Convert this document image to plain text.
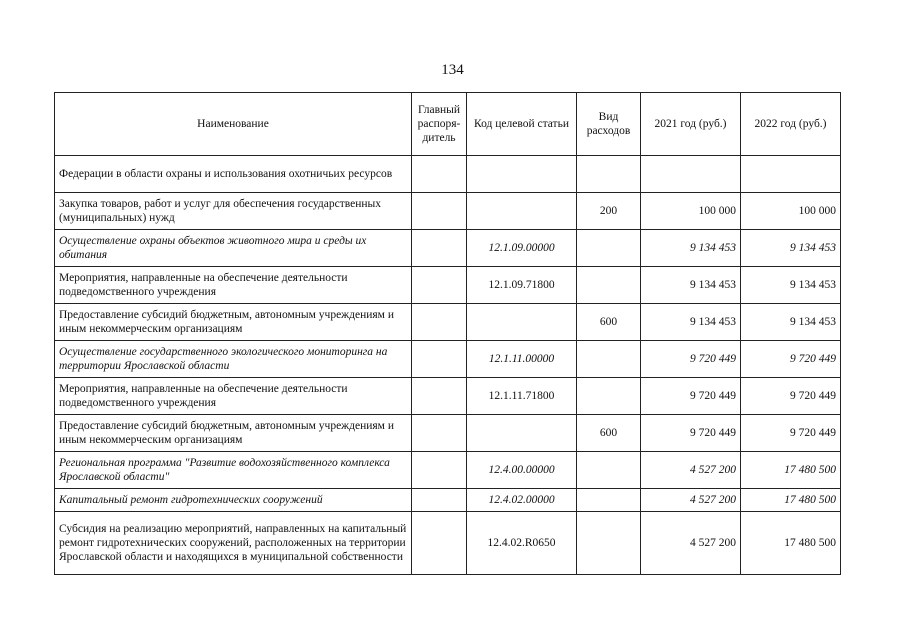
134
Наименование	Главный распоря- дитель	Код целевой статьи	Вид расходов	2021 год (руб.)	2022 год (руб.)
Федерации в области охраны и использования охотничьих ресурсов					
Закупка товаров, работ и услуг для обеспечения государственных (муниципальных) нужд			200	100 000	100 000
Осуществление охраны объектов животного мира и среды их обитания		12.1.09.00000		9 134 453	9 134 453
Мероприятия, направленные на обеспечение деятельности подведомственного учреждения		12.1.09.71800		9 134 453	9 134 453
Предоставление субсидий бюджетным, автономным учреждениям и иным некоммерческим организациям			600	9 134 453	9 134 453
Осуществление государственного экологического мониторинга на территории Ярославской области		12.1.11.00000		9 720 449	9 720 449
Мероприятия, направленные на обеспечение деятельности подведомственного учреждения		12.1.11.71800		9 720 449	9 720 449
Предоставление субсидий бюджетным, автономным учреждениям и иным некоммерческим организациям			600	9 720 449	9 720 449
Региональная программа "Развитие водохозяйственного комплекса Ярославской области"		12.4.00.00000		4 527 200	17 480 500
Капитальный ремонт гидротехнических сооружений		12.4.02.00000		4 527 200	17 480 500
Субсидия на реализацию мероприятий, направленных на капитальный ремонт гидротехнических сооружений, расположенных на территории Ярославской области и находящихся в муниципальной собственности		12.4.02.R0650		4 527 200	17 480 500
